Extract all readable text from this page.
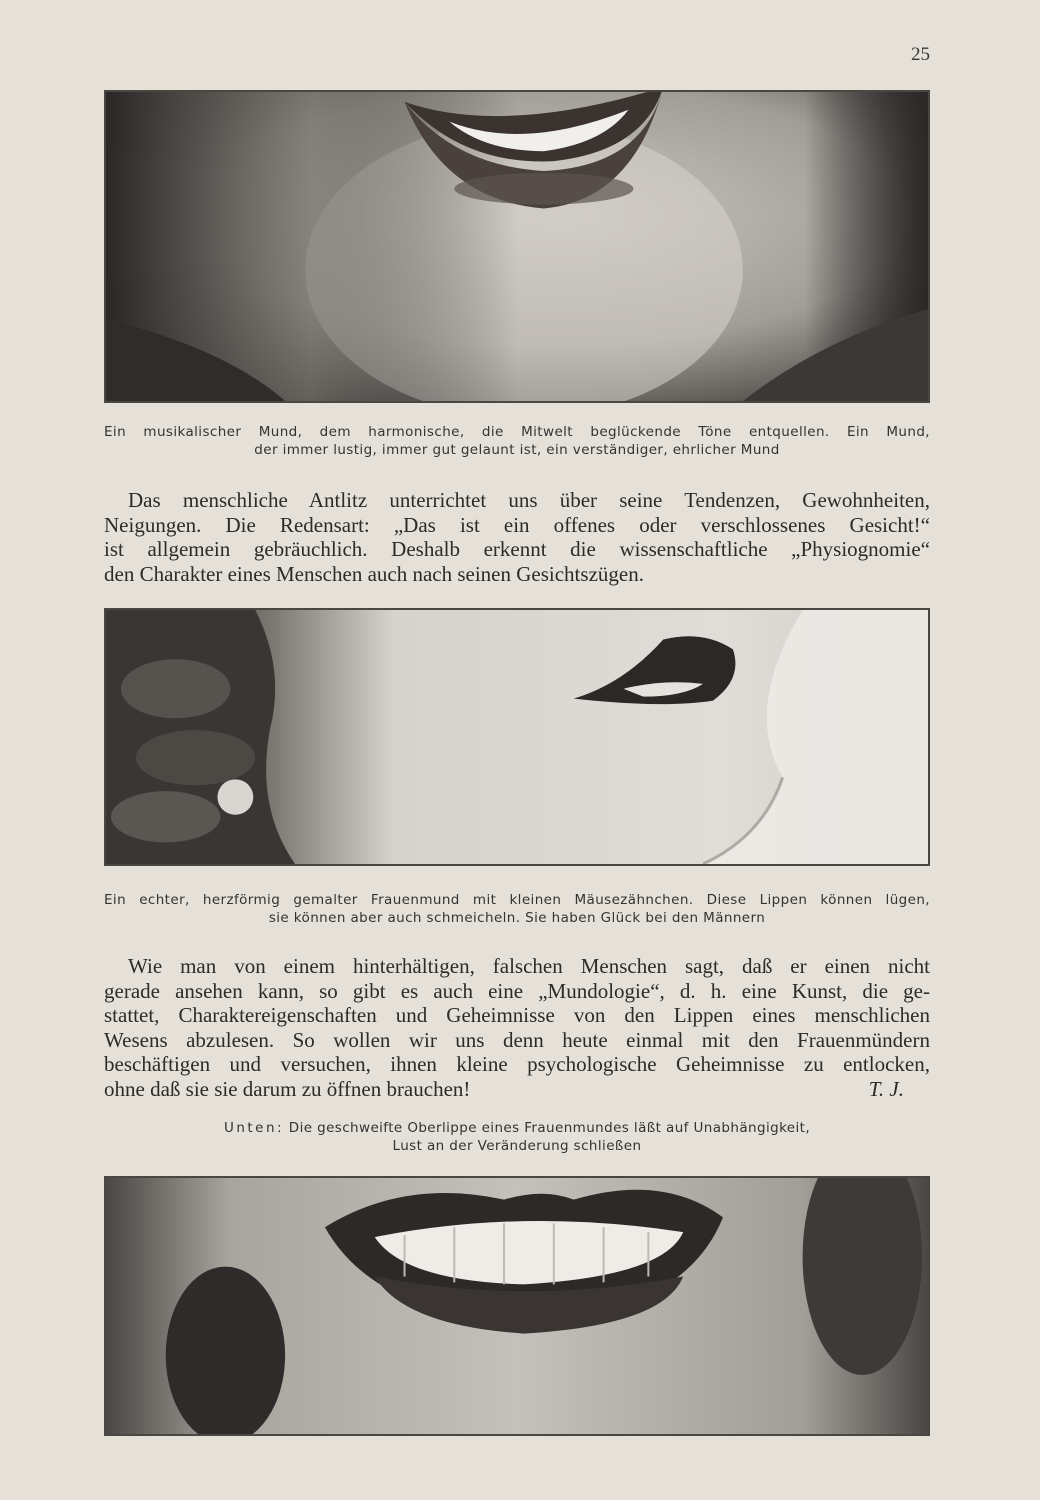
25
Ein musikalischer Mund, dem harmonische, die Mitwelt beglückende Töne entquellen. Ein Mund,
der immer lustig, immer gut gelaunt ist, ein verständiger, ehrlicher Mund
Das menschliche Antlitz unterrichtet uns über seine Tendenzen, Gewohnheiten,
Neigungen. Die Redensart: „Das ist ein offenes oder verschlossenes Gesicht!“
ist allgemein gebräuchlich. Deshalb erkennt die wissenschaftliche „Physiognomie“
den Charakter eines Menschen auch nach seinen Gesichtszügen.
Ein echter, herzförmig gemalter Frauenmund mit kleinen Mäusezähnchen. Diese Lippen können lügen,
sie können aber auch schmeicheln. Sie haben Glück bei den Männern
Wie man von einem hinterhältigen, falschen Menschen sagt, daß er einen nicht
gerade ansehen kann, so gibt es auch eine „Mundologie“, d. h. eine Kunst, die ge-
stattet, Charaktereigenschaften und Geheimnisse von den Lippen eines menschlichen
Wesens abzulesen. So wollen wir uns denn heute einmal mit den Frauenmündern
beschäftigen und versuchen, ihnen kleine psychologische Geheimnisse zu entlocken,
ohne daß sie sie darum zu öffnen brauchen!	T. J.
Unten: Die geschweifte Oberlippe eines Frauenmundes läßt auf Unabhängigkeit,
Lust an der Veränderung schließen
